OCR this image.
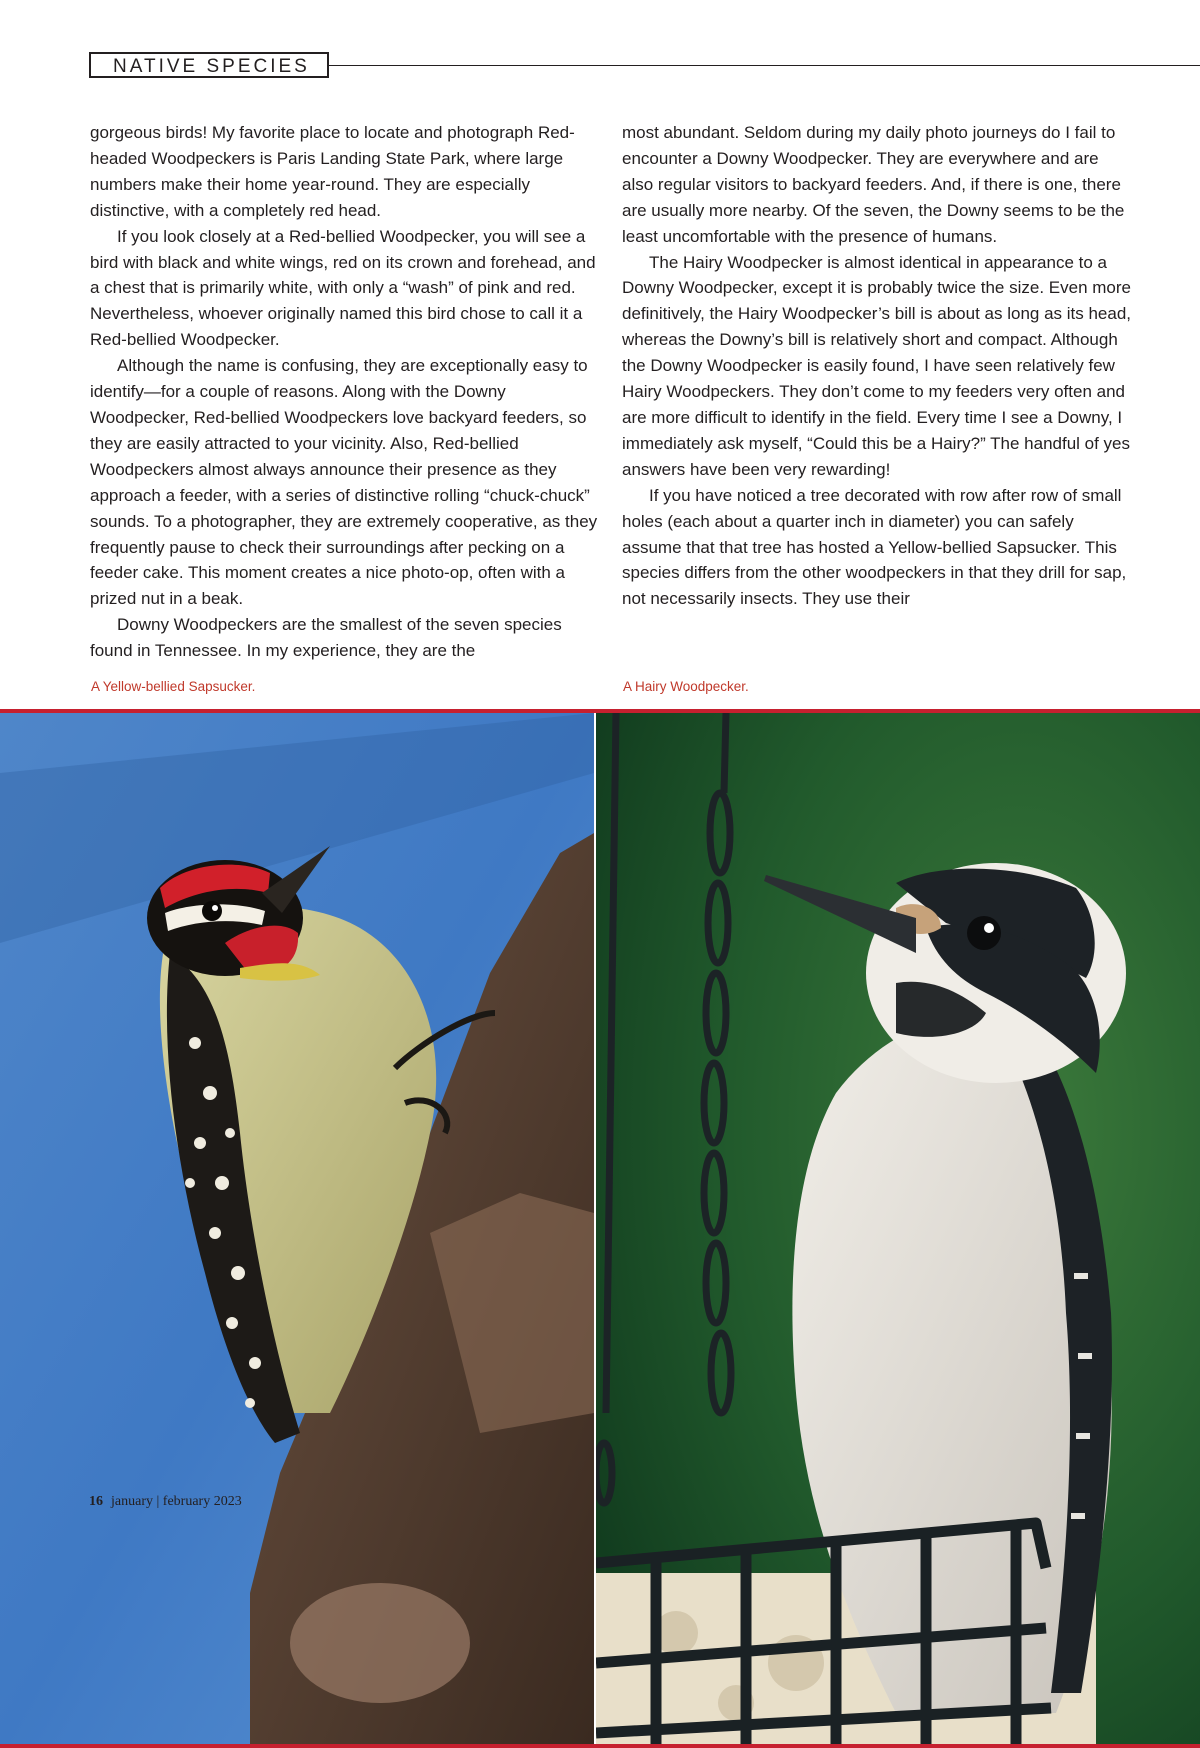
NATIVE SPECIES

gorgeous birds! My favorite place to locate and photograph Red-headed Woodpeckers is Paris Landing State Park, where large numbers make their home year-round. They are especially distinctive, with a completely red head.

If you look closely at a Red-bellied Woodpecker, you will see a bird with black and white wings, red on its crown and forehead, and a chest that is primarily white, with only a “wash” of pink and red. Nevertheless, whoever originally named this bird chose to call it a Red-bellied Woodpecker.

Although the name is confusing, they are exceptionally easy to identify—for a couple of reasons. Along with the Downy Woodpecker, Red-bellied Woodpeckers love backyard feeders, so they are easily attracted to your vicinity. Also, Red-bellied Woodpeckers almost always announce their presence as they approach a feeder, with a series of distinctive rolling “chuck-chuck” sounds. To a photographer, they are extremely cooperative, as they frequently pause to check their surroundings after pecking on a feeder cake. This moment creates a nice photo-op, often with a prized nut in a beak.

Downy Woodpeckers are the smallest of the seven species found in Tennessee. In my experience, they are the

most abundant. Seldom during my daily photo journeys do I fail to encounter a Downy Woodpecker. They are everywhere and are also regular visitors to backyard feeders. And, if there is one, there are usually more nearby. Of the seven, the Downy seems to be the least uncomfortable with the presence of humans.

The Hairy Woodpecker is almost identical in appearance to a Downy Woodpecker, except it is probably twice the size. Even more definitively, the Hairy Woodpecker’s bill is about as long as its head, whereas the Downy’s bill is relatively short and compact. Although the Downy Woodpecker is easily found, I have seen relatively few Hairy Woodpeckers. They don’t come to my feeders very often and are more difficult to identify in the field. Every time I see a Downy, I immediately ask myself, “Could this be a Hairy?” The handful of yes answers have been very rewarding!

If you have noticed a tree decorated with row after row of small holes (each about a quarter inch in diameter) you can safely assume that that tree has hosted a Yellow-bellied Sapsucker. This species differs from the other woodpeckers in that they drill for sap, not necessarily insects. They use their

A Yellow-bellied Sapsucker.	A Hairy Woodpecker.
16 january | february 2023
